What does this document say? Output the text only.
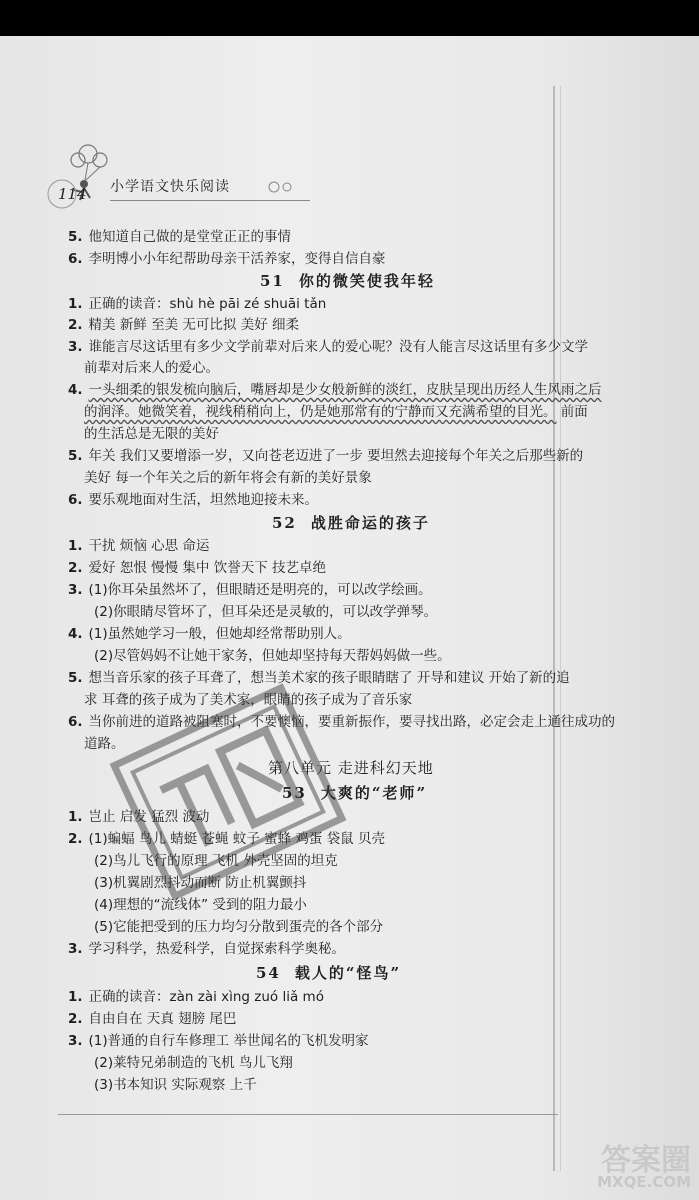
114 小学语文快乐阅读
5. 他知道自己做的是堂堂正正的事情
6. 李明博小小年纪帮助母亲干活养家，变得自信自豪
51 你的微笑使我年轻
1. 正确的读音：shù hè pāi zé shuāi tǎn
2. 精美 新鲜 至美 无可比拟 美好 细柔
3. 谁能言尽这话里有多少文学前辈对后来人的爱心呢？没有人能言尽这话里有多少文学
前辈对后来人的爱心。
4. 一头细柔的银发梳向脑后，嘴唇却是少女般新鲜的淡红，皮肤呈现出历经人生风雨之后
的润泽。她微笑着，视线稍稍向上，仍是她那常有的宁静而又充满希望的目光。 前面
的生活总是无限的美好
5. 年关 我们又要增添一岁，又向苍老迈进了一步 要坦然去迎接每个年关之后那些新的
美好 每一个年关之后的新年将会有新的美好景象
6. 要乐观地面对生活，坦然地迎接未来。
52 战胜命运的孩子
1. 干扰 烦恼 心思 命运
2. 爱好 恕恨 慢慢 集中 饮誉天下 技艺卓绝
3. (1)你耳朵虽然坏了，但眼睛还是明亮的，可以改学绘画。
(2)你眼睛尽管坏了，但耳朵还是灵敏的，可以改学弹琴。
4. (1)虽然她学习一般，但她却经常帮助别人。
(2)尽管妈妈不让她干家务，但她却坚持每天帮妈妈做一些。
5. 想当音乐家的孩子耳聋了，想当美术家的孩子眼睛瞎了 开导和建议 开始了新的追
求 耳聋的孩子成为了美术家，眼睛的孩子成为了音乐家
6. 当你前进的道路被阻塞时，不要懊恼，要重新振作，要寻找出路，必定会走上通往成功的
道路。
第八单元 走进科幻天地
53 大爽的“老师”
1. 岂止 启发 猛烈 波动
2. (1)蝙蝠 鸟儿 蜻蜓 苍蝇 蚊子 蜜蜂 鸡蛋 袋鼠 贝壳
(2)鸟儿飞行的原理 飞机 外壳坚固的坦克
(3)机翼剧烈抖动而断 防止机翼颤抖
(4)理想的“流线体” 受到的阻力最小
(5)它能把受到的压力均匀分散到蛋壳的各个部分
3. 学习科学，热爱科学，自觉探索科学奥秘。
54 载人的“怪鸟”
1. 正确的读音：zàn zài xìng zuó liǎ mó
2. 自由自在 天真 翅膀 尾巴
3. (1)普通的自行车修理工 举世闻名的飞机发明家
(2)莱特兄弟制造的飞机 鸟儿飞翔
(3)书本知识 实际观察 上千
答案圈
MXQE.COM
